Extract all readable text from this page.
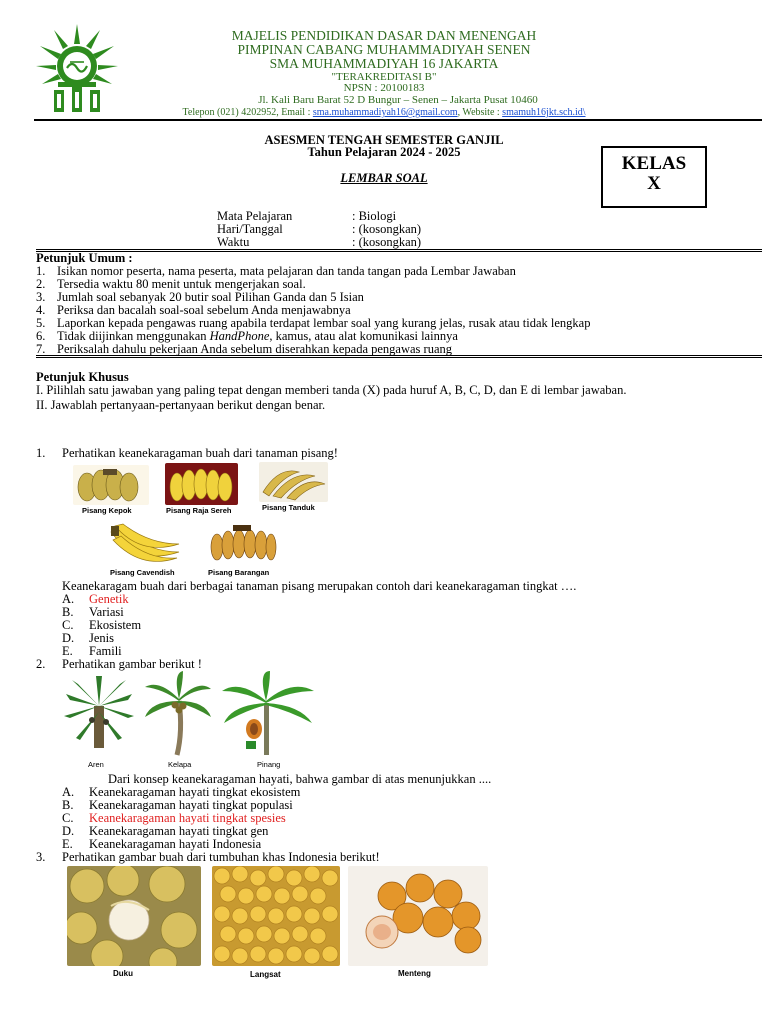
MAJELIS PENDIDIKAN DASAR DAN MENENGAH
PIMPINAN CABANG MUHAMMADIYAH SENEN
SMA MUHAMMADIYAH 16 JAKARTA
"TERAKREDITASI B"
NPSN : 20100183
Jl. Kali Baru Barat 52 D Bungur – Senen – Jakarta Pusat 10460
Telepon (021) 4202952, Email : sma.muhammadiyah16@gmail.com, Website : smamuh16jkt.sch.id\
ASESMEN TENGAH SEMESTER GANJIL
Tahun Pelajaran 2024 - 2025
LEMBAR SOAL
KELAS
X
Mata Pelajaran	: Biologi
Hari/Tanggal	: (kosongkan)
Waktu	: (kosongkan)
Petunjuk Umum :
1. Isikan nomor peserta, nama peserta, mata pelajaran dan tanda tangan pada Lembar Jawaban
2. Tersedia waktu 80 menit untuk mengerjakan soal.
3. Jumlah soal sebanyak 20 butir soal Pilihan Ganda dan 5 Isian
4. Periksa dan bacalah soal-soal sebelum Anda menjawabnya
5. Laporkan kepada pengawas ruang apabila terdapat lembar soal yang kurang jelas, rusak atau tidak lengkap
6. Tidak diijinkan menggunakan HandPhone, kamus, atau alat komunikasi lainnya
7. Periksalah dahulu pekerjaan Anda sebelum diserahkan kepada pengawas ruang
Petunjuk Khusus
I. Pilihlah satu jawaban yang paling tepat dengan memberi tanda (X) pada huruf A, B, C, D, dan E di lembar jawaban.
II. Jawablah pertanyaan-pertanyaan berikut dengan benar.
1. Perhatikan keanekaragaman buah dari tanaman pisang!
Pisang Kepok	Pisang Raja Sereh	Pisang Tanduk
Pisang Cavendish	Pisang Barangan
Keanekaragam buah dari berbagai tanaman pisang merupakan contoh dari keanekaragaman tingkat ….
A. Genetik
B. Variasi
C. Ekosistem
D. Jenis
E. Famili
2. Perhatikan gambar berikut !
Aren	Kelapa	Pinang
Dari konsep keanekaragaman hayati, bahwa gambar di atas menunjukkan ....
A. Keanekaragaman hayati tingkat ekosistem
B. Keanekaragaman hayati tingkat populasi
C. Keanekaragaman hayati tingkat spesies
D. Keanekaragaman hayati tingkat gen
E. Keanekaragaman hayati Indonesia
3. Perhatikan gambar buah dari tumbuhan khas Indonesia berikut!
Duku	Langsat	Menteng
